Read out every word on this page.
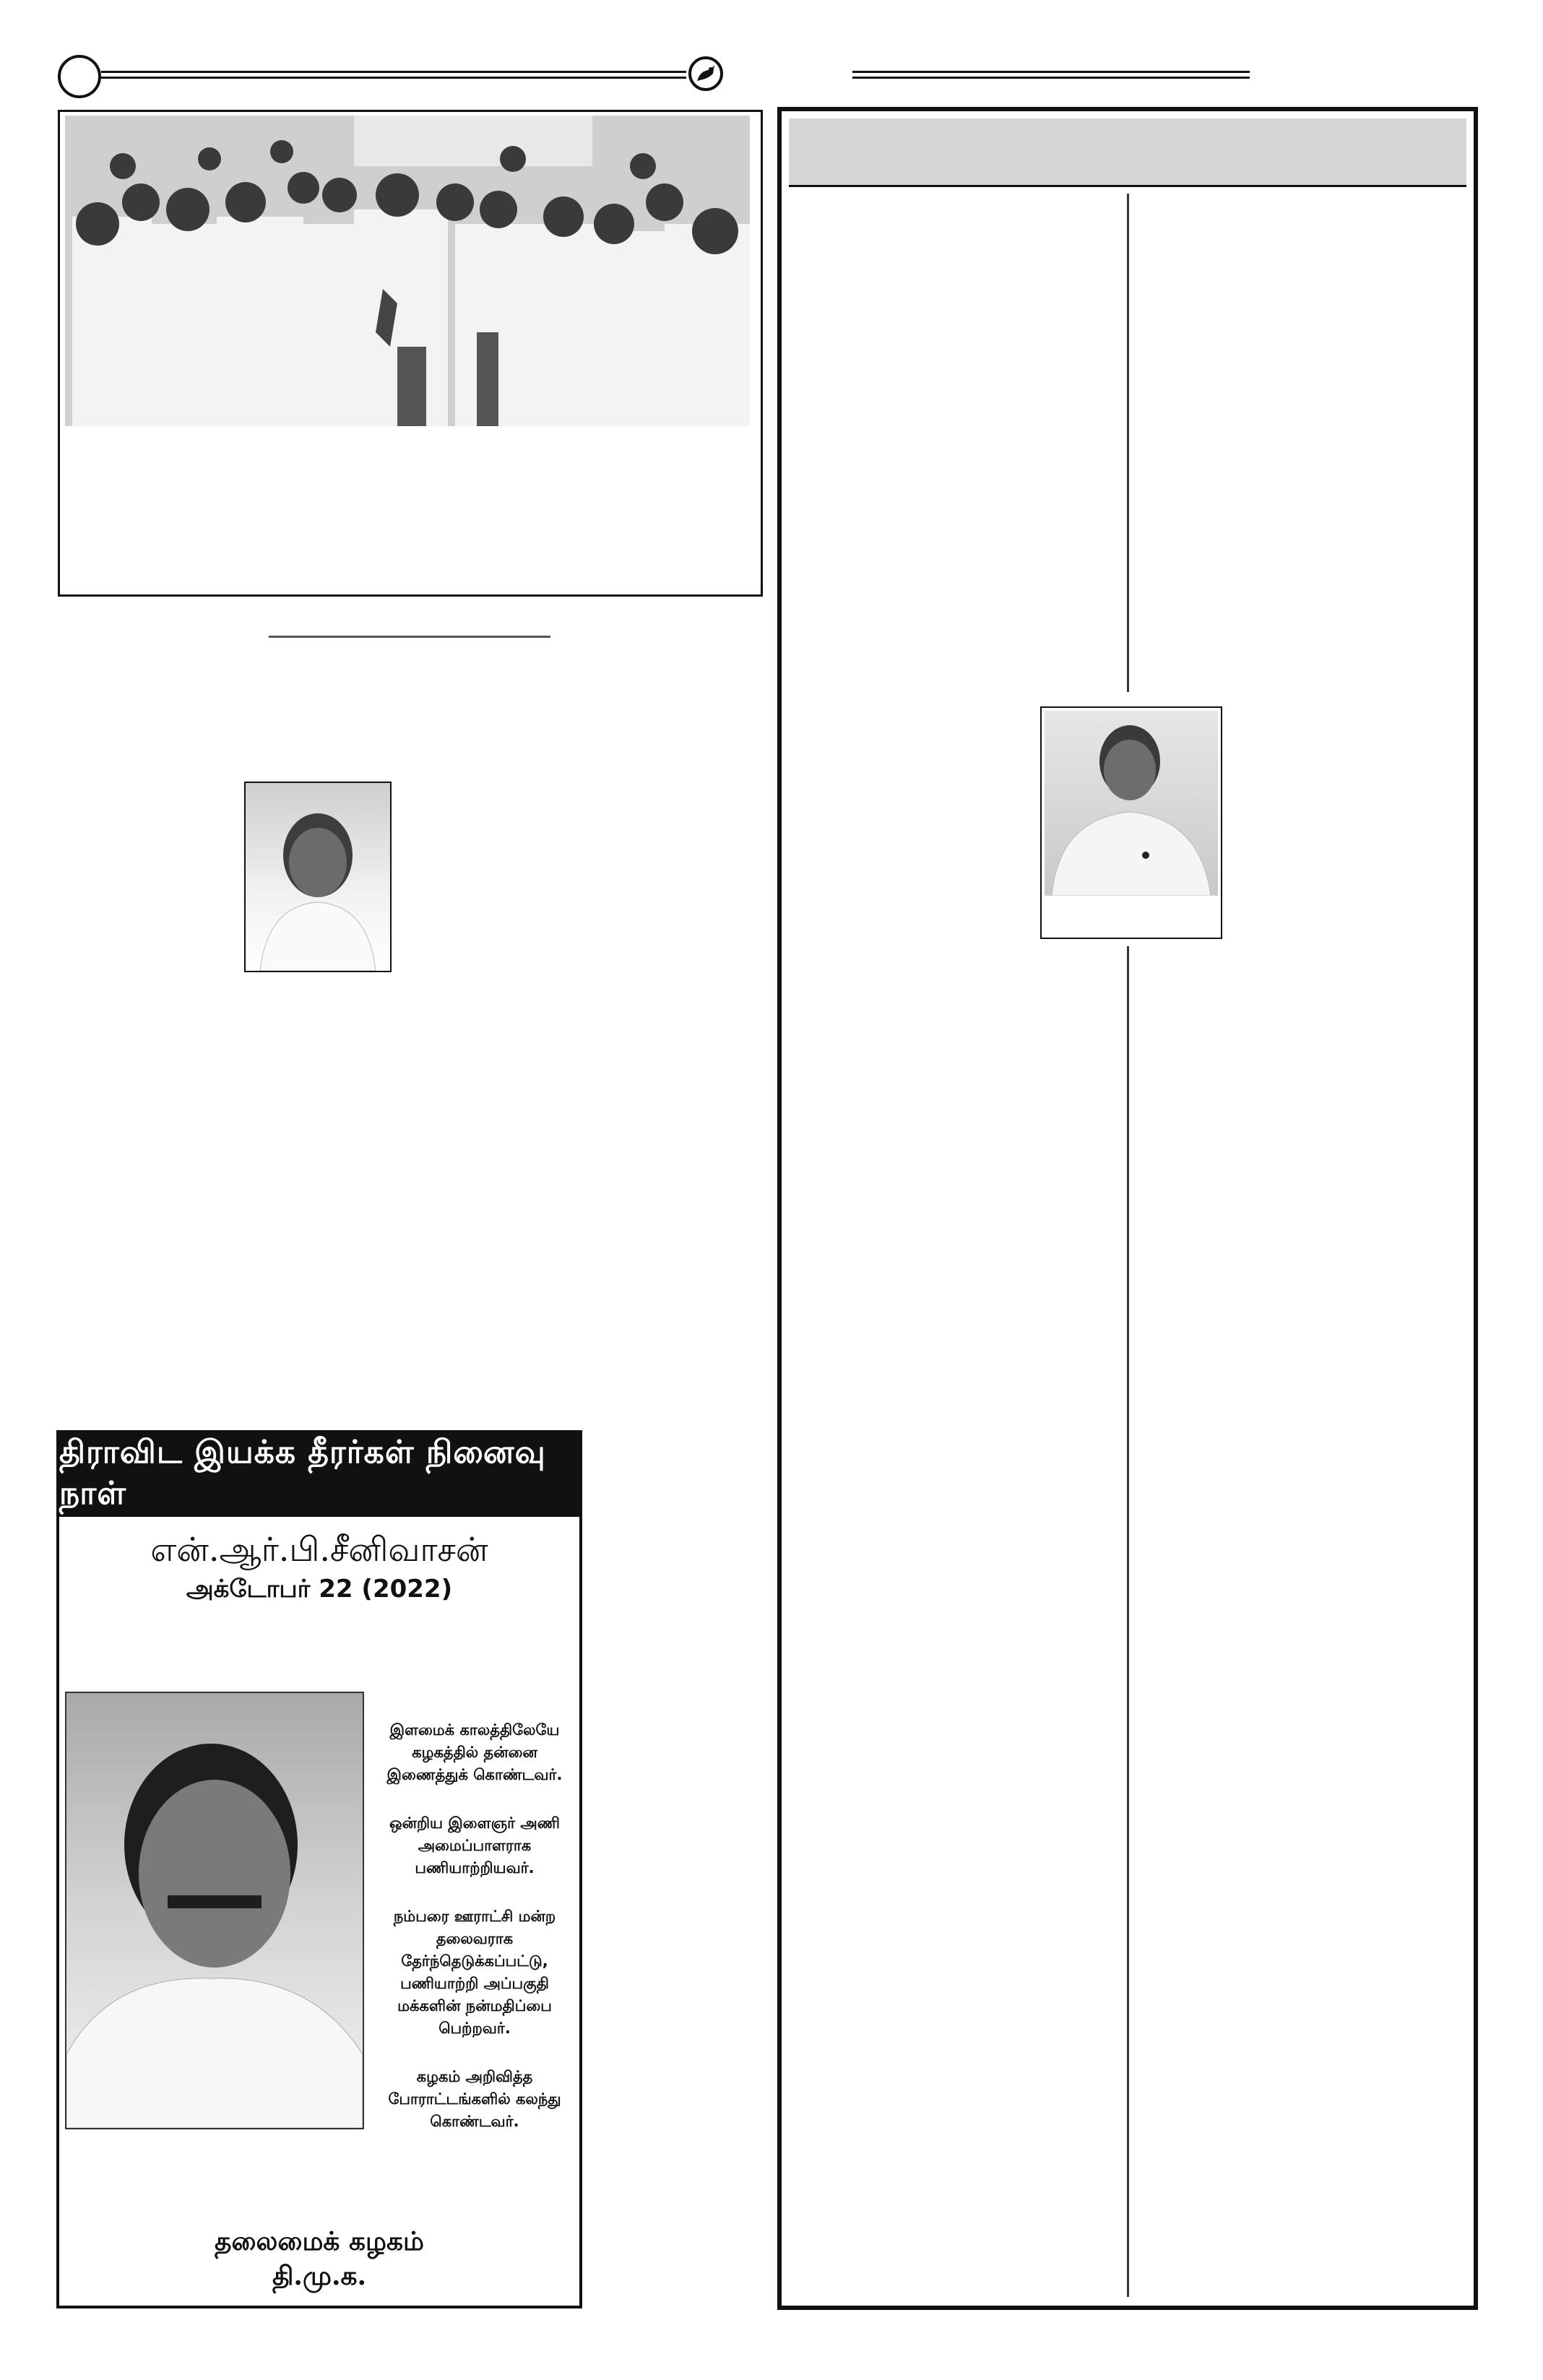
திராவிட இயக்க தீரர்கள் நினைவு நாள்
என்.ஆர்.பி.சீனிவாசன்
அக்டோபர் 22 (2022)

இளமைக் காலத்திலேயே கழகத்தில் தன்னை இணைத்துக் கொண்டவர்.

ஒன்றிய இளைஞர் அணி அமைப்பாளராக பணியாற்றியவர்.

நம்பரை ஊராட்சி மன்ற தலைவராக தேர்ந்தெடுக்கப்பட்டு, பணியாற்றி அப்பகுதி மக்களின் நன்மதிப்பை பெற்றவர்.

கழகம் அறிவித்த போராட்டங்களில் கலந்து கொண்டவர்.

தலைமைக் கழகம்
தி.மு.க.
